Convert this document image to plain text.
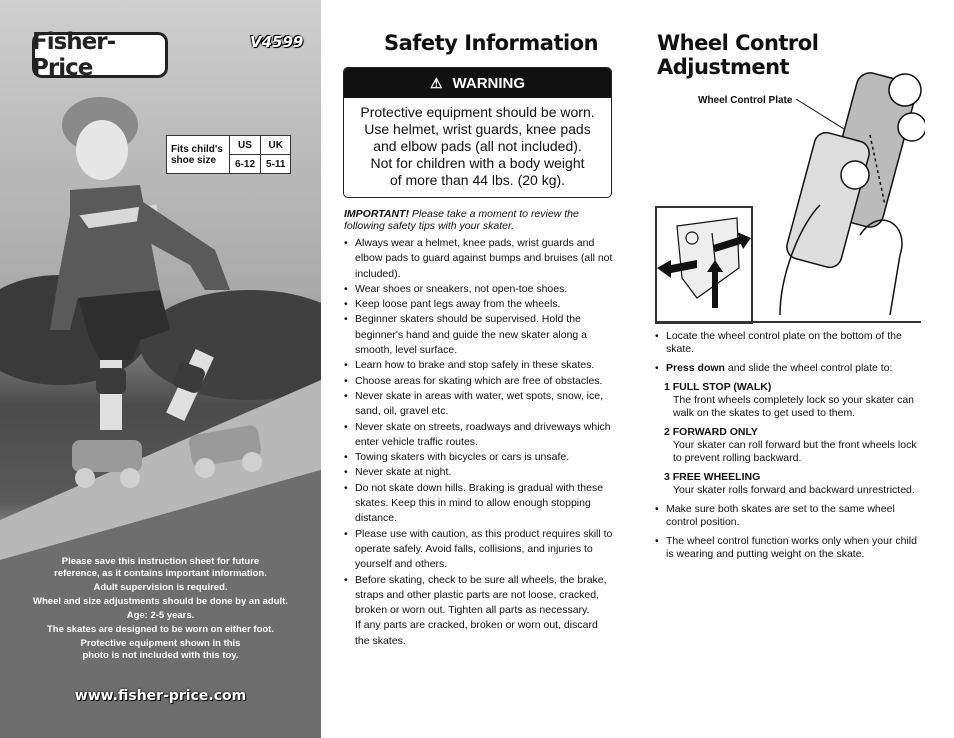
Fisher-Price
V4599
Fits child's shoe size	US	UK
	6-12	5-11

Please save this instruction sheet for future reference, as it contains important information.

Adult supervision is required.

Wheel and size adjustments should be done by an adult.

Age: 2-5 years.

The skates are designed to be worn on either foot.

Protective equipment shown in this photo is not included with this toy.

www.fisher-price.com
Safety Information
⚠ WARNING
Protective equipment should be worn.
Use helmet, wrist guards, knee pads
and elbow pads (all not included).
Not for children with a body weight
of more than 44 lbs. (20 kg).
IMPORTANT! Please take a moment to review the following safety tips with your skater.
• Always wear a helmet, knee pads, wrist guards and elbow pads to guard against bumps and bruises (all not included).
• Wear shoes or sneakers, not open-toe shoes.
• Keep loose pant legs away from the wheels.
• Beginner skaters should be supervised. Hold the beginner's hand and guide the new skater along a smooth, level surface.
• Learn how to brake and stop safely in these skates.
• Choose areas for skating which are free of obstacles.
• Never skate in areas with water, wet spots, snow, ice, sand, oil, gravel etc.
• Never skate on streets, roadways and driveways which enter vehicle traffic routes.
• Towing skaters with bicycles or cars is unsafe.
• Never skate at night.
• Do not skate down hills. Braking is gradual with these skates. Keep this in mind to allow enough stopping distance.
• Please use with caution, as this product requires skill to operate safely. Avoid falls, collisions, and injuries to yourself and others.
• Before skating, check to be sure all wheels, the brake, straps and other plastic parts are not loose, cracked, broken or worn out. Tighten all parts as necessary.
If any parts are cracked, broken or worn out, discard the skates.
Wheel Control Adjustment
Wheel Control Plate
• Locate the wheel control plate on the bottom of the skate.
• Press down and slide the wheel control plate to:
1 FULL STOP (WALK)
The front wheels completely lock so your skater can walk on the skates to get used to them.
2 FORWARD ONLY
Your skater can roll forward but the front wheels lock to prevent rolling backward.
3 FREE WHEELING
Your skater rolls forward and backward unrestricted.
• Make sure both skates are set to the same wheel control position.
• The wheel control function works only when your child is wearing and putting weight on the skate.
